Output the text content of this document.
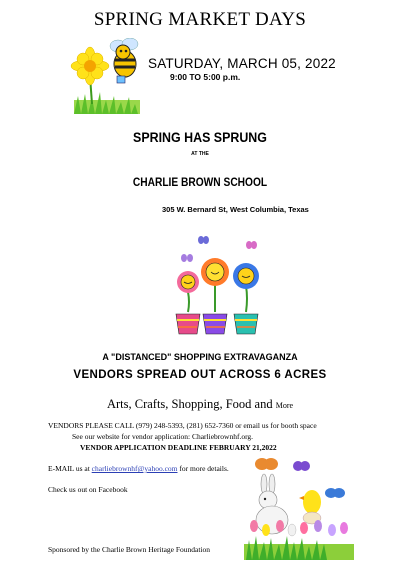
SPRING MARKET DAYS
SATURDAY, MARCH 05, 2022
9:00 TO 5:00 p.m.
SPRING HAS SPRUNG
AT THE
CHARLIE BROWN SCHOOL
305 W. Bernard St, West Columbia, Texas
A "DISTANCED" SHOPPING EXTRAVAGANZA
VENDORS SPREAD OUT ACROSS 6 ACRES
Arts, Crafts, Shopping, Food and More
VENDORS PLEASE CALL (979) 248-5393, (281) 652-7360 or email us for booth space
See our website for vendor application: Charliebrownhf.org.
VENDOR APPLICATION DEADLINE FEBRUARY 21,2022
E-MAIL us at charliebrownhf@yahoo.com for more details.
Check us out on Facebook
Sponsored by the Charlie Brown Heritage Foundation
